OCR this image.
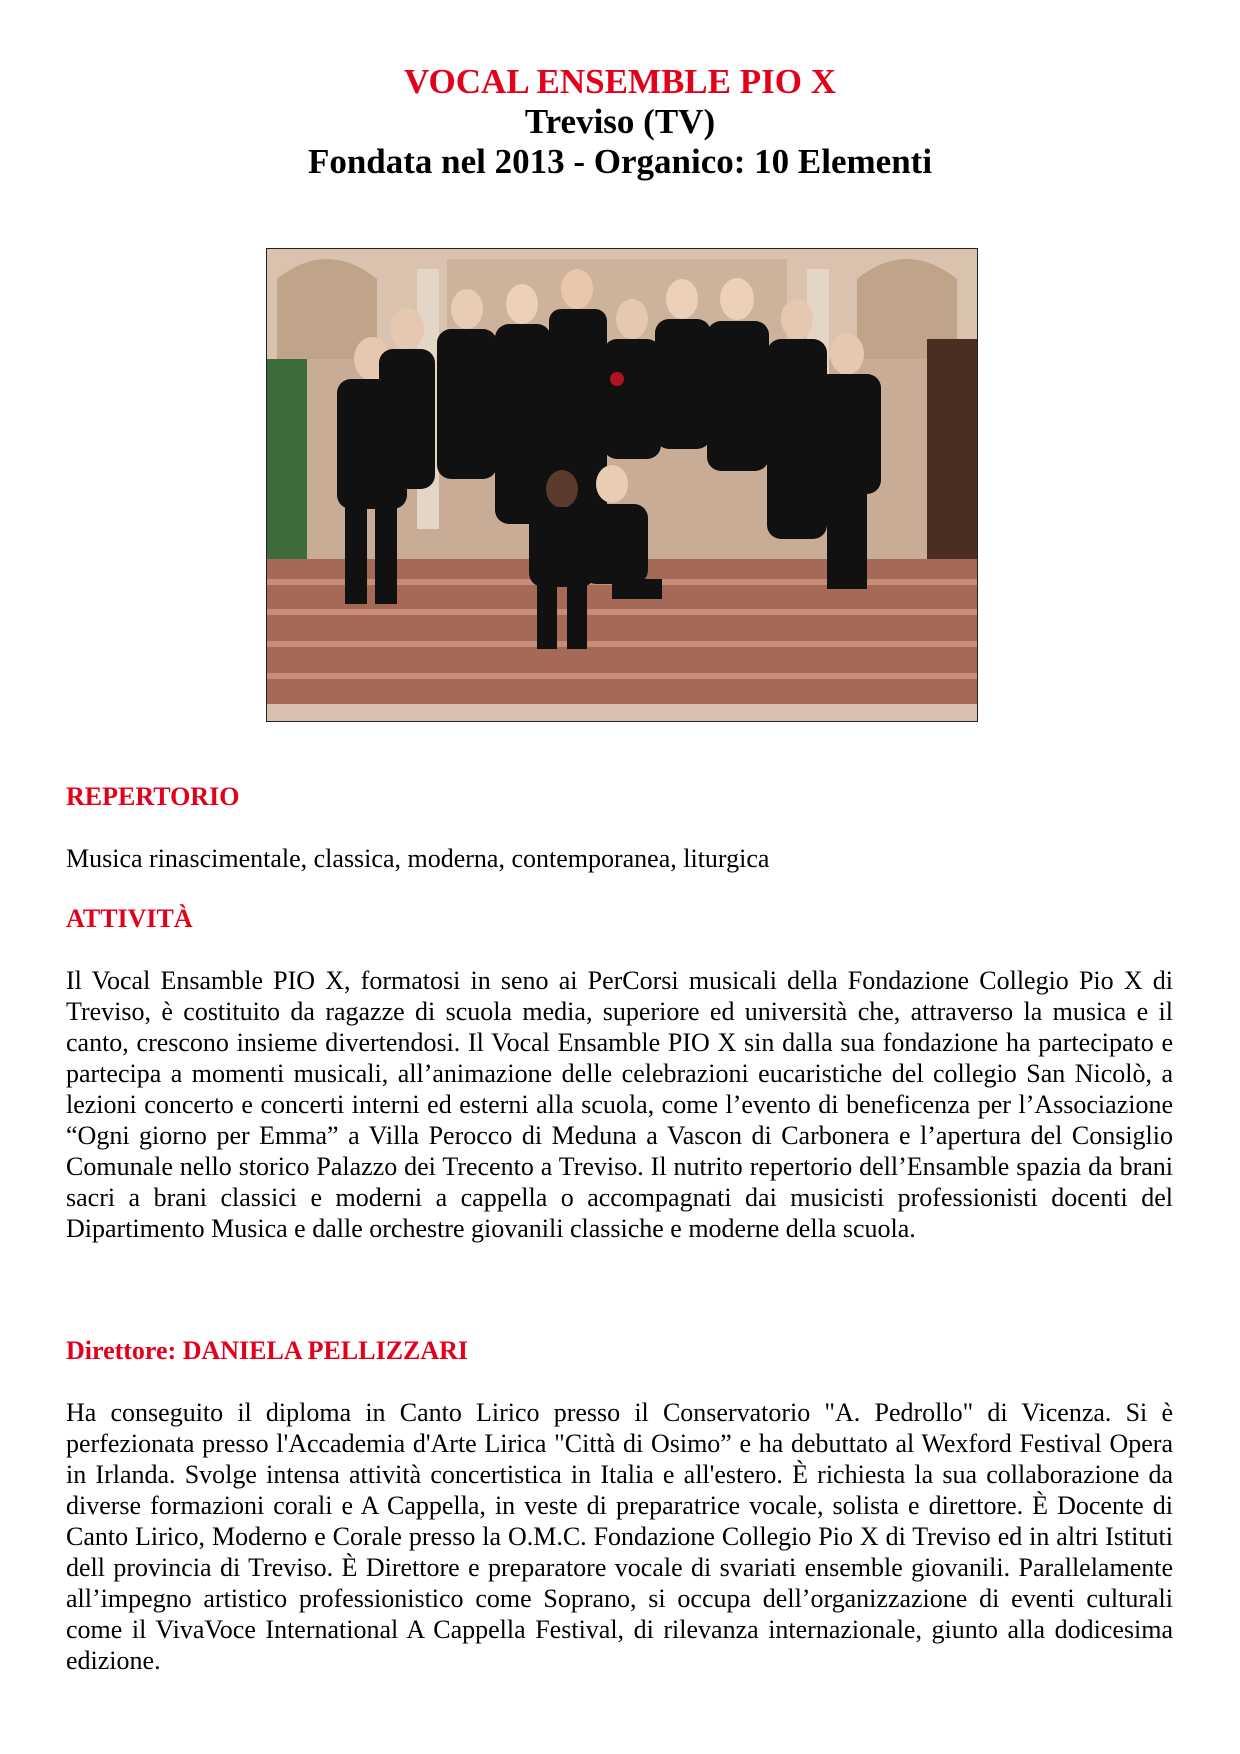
VOCAL ENSEMBLE PIO X
Treviso (TV)
Fondata nel 2013 - Organico: 10 Elementi
REPERTORIO

Musica rinascimentale, classica, moderna, contemporanea, liturgica

ATTIVITÀ

Il Vocal Ensamble PIO X, formatosi in seno ai PerCorsi musicali della Fondazione Collegio Pio X di Treviso, è costituito da ragazze di scuola media, superiore ed università che, attraverso la musica e il canto, crescono insieme divertendosi. Il Vocal Ensamble PIO X sin dalla sua fondazione ha partecipato e partecipa a momenti musicali, all’animazione delle celebrazioni eucaristiche del collegio San Nicolò, a lezioni concerto e concerti interni ed esterni alla scuola, come l’evento di beneficenza per l’Associazione “Ogni giorno per Emma” a Villa Perocco di Meduna a Vascon di Carbonera e l’apertura del Consiglio Comunale nello storico Palazzo dei Trecento a Treviso. Il nutrito repertorio dell’Ensamble spazia da brani sacri a brani classici e moderni a cappella o accompagnati dai musicisti professionisti docenti del Dipartimento Musica e dalle orchestre giovanili classiche e moderne della scuola.

Direttore: DANIELA PELLIZZARI

Ha conseguito il diploma in Canto Lirico presso il Conservatorio "A. Pedrollo" di Vicenza. Si è perfezionata presso l'Accademia d'Arte Lirica "Città di Osimo” e ha debuttato al Wexford Festival Opera in Irlanda. Svolge intensa attività concertistica in Italia e all'estero. È richiesta la sua collaborazione da diverse formazioni corali e A Cappella, in veste di preparatrice vocale, solista e direttore. È Docente di Canto Lirico, Moderno e Corale presso la O.M.C. Fondazione Collegio Pio X di Treviso ed in altri Istituti dell provincia di Treviso. È Direttore e preparatore vocale di svariati ensemble giovanili. Parallelamente all’impegno artistico professionistico come Soprano, si occupa dell’organizzazione di eventi culturali come il VivaVoce International A Cappella Festival, di rilevanza internazionale, giunto alla dodicesima edizione.
